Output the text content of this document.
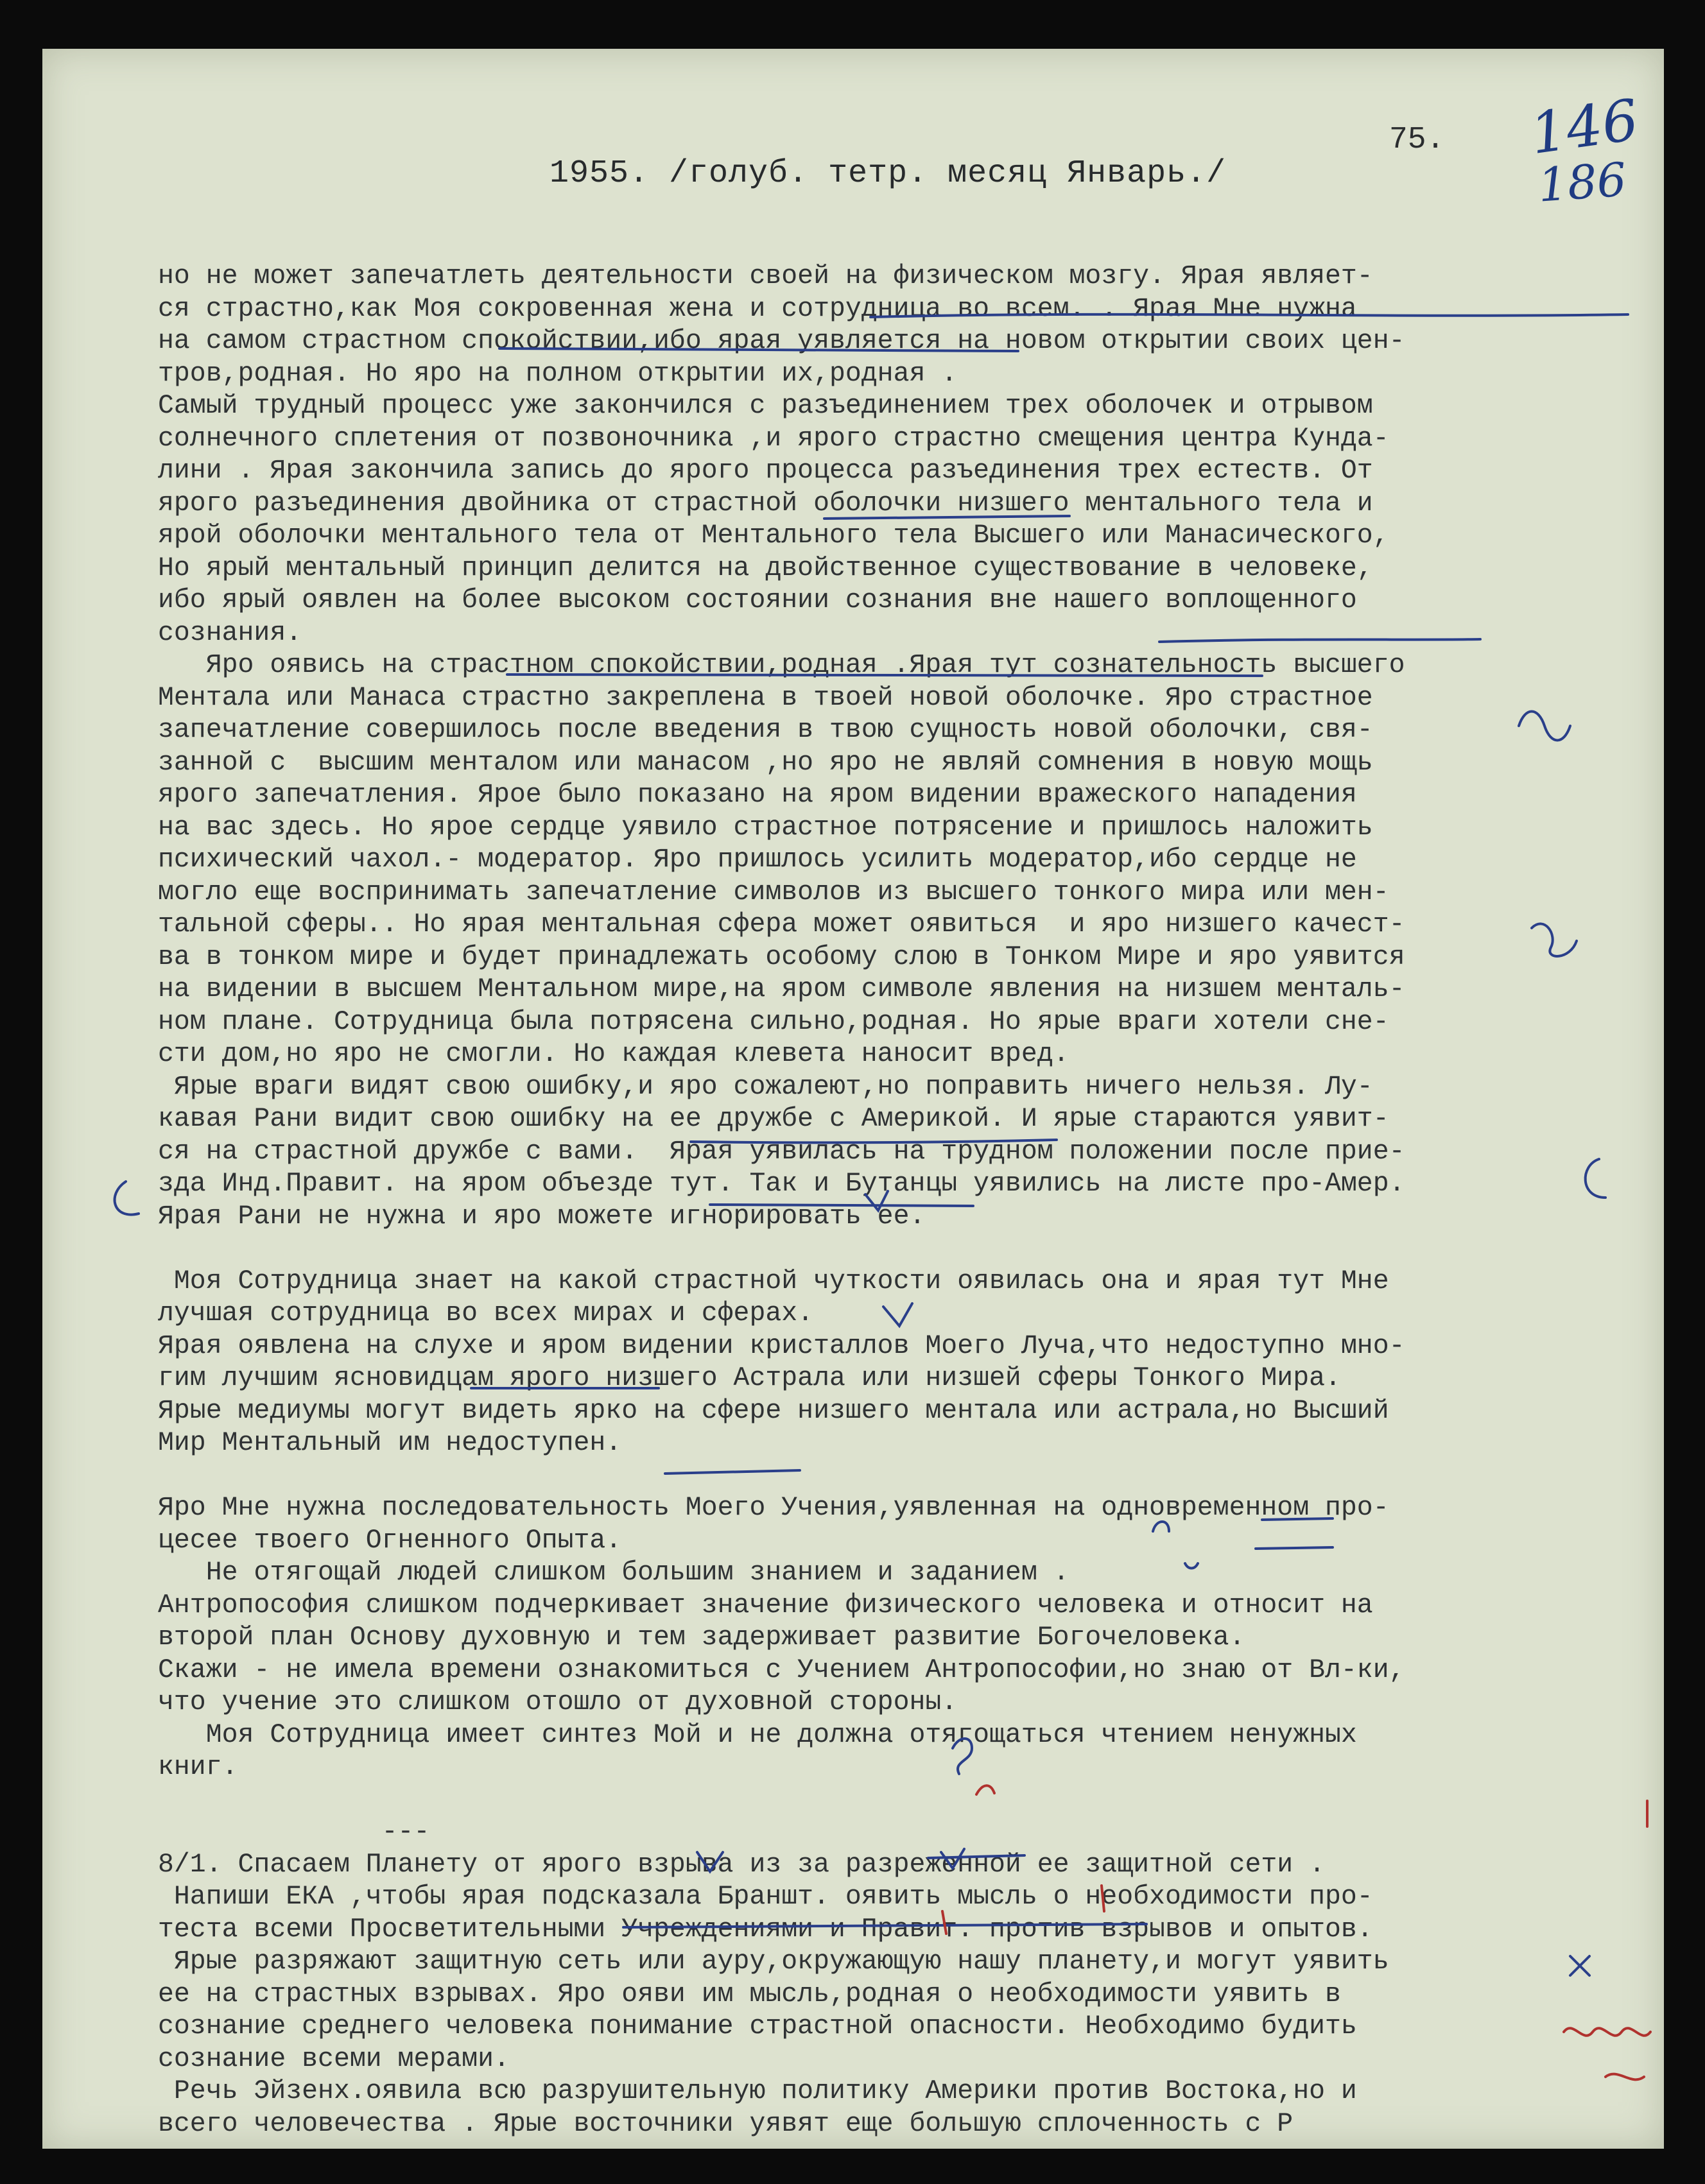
1955. /голуб. тетр. месяц Январь./
75. 146
186
но не может запечатлеть деятельности своей на физическом мозгу. Ярая являет-
ся страстно,как Моя сокровенная жена и сотрудница во всем. . Ярая Мне нужна
на самом страстном спокойствии,ибо ярая уявляется на новом открытии своих цен-
тров,родная. Но яро на полном открытии их,родная .
Самый трудный процесс уже закончился с разъединением трех оболочек и отрывом
солнечного сплетения от позвоночника ,и ярого страстно смещения центра Кунда-
лини . Ярая закончила запись до ярого процесса разъединения трех естеств. От
ярого разъединения двойника от страстной оболочки низшего ментального тела и
ярой оболочки ментального тела от Ментального тела Высшего или Манасического,
Но ярый ментальный принцип делится на двойственное существование в человеке,
ибо ярый оявлен на более высоком состоянии сознания вне нашего воплощенного
сознания.
Яро оявись на страстном спокойствии,родная .Ярая тут сознательность высшего
Ментала или Манаса страстно закреплена в твоей новой оболочке. Яро страстное
запечатление совершилось после введения в твою сущность новой оболочки, свя-
занной с  высшим менталом или манасом ,но яро не являй сомнения в новую мощь
ярого запечатления. Ярое было показано на яром видении вражеского нападения
на вас здесь. Но ярое сердце уявило страстное потрясение и пришлось наложить
психический чахол.- модератор. Яро пришлось усилить модератор,ибо сердце не
могло еще воспринимать запечатление символов из высшего тонкого мира или мен-
тальной сферы.. Но ярая ментальная сфера может оявиться  и яро низшего качест-
ва в тонком мире и будет принадлежать особому слою в Тонком Мире и яро уявится
на видении в высшем Ментальном мире,на яром символе явления на низшем менталь-
ном плане. Сотрудница была потрясена сильно,родная. Но ярые враги хотели сне-
сти дом,но яро не смогли. Но каждая клевета наносит вред.
Ярые враги видят свою ошибку,и яро сожалеют,но поправить ничего нельзя. Лу-
кавая Рани видит свою ошибку на ее дружбе с Америкой. И ярые стараются уявит-
ся на страстной дружбе с вами.  Ярая уявилась на трудном положении после прие-
зда Инд.Правит. на яром объезде тут. Так и Бутанцы уявились на листе про-Амер.
Ярая Рани не нужна и яро можете игнорировать ее.
Моя Сотрудница знает на какой страстной чуткости оявилась она и ярая тут Мне
лучшая сотрудница во всех мирах и сферах.
Ярая оявлена на слухе и яром видении кристаллов Моего Луча,что недоступно мно-
гим лучшим ясновидцам ярого низшего Астрала или низшей сферы Тонкого Мира.
Ярые медиумы могут видеть ярко на сфере низшего ментала или астрала,но Высший
Мир Ментальный им недоступен.
Яро Мне нужна последовательность Моего Учения,уявленная на одновременном про-
цесее твоего Огненного Опыта.
Не отягощай людей слишком большим знанием и заданием .
Антропософия слишком подчеркивает значение физического человека и относит на
второй план Основу духовную и тем задерживает развитие Богочеловека.
Скажи - не имела времени ознакомиться с Учением Антропософии,но знаю от Вл-ки,
что учение это слишком отошло от духовной стороны.
Моя Сотрудница имеет синтез Мой и не должна отягощаться чтением ненужных
книг.
---
8/1. Спасаем Планету от ярого взрыва из за разреженной ее защитной сети .
Напиши ЕКА ,чтобы ярая подсказала Браншт. оявить мысль о необходимости про-
теста всеми Просветительными Учреждениями и Правит. против взрывов и опытов.
Ярые разряжают защитную сеть или ауру,окружающую нашу планету,и могут уявить
ее на страстных взрывах. Яро ояви им мысль,родная о необходимости уявить в
сознание среднего человека понимание страстной опасности. Необходимо будить
сознание всеми мерами.
Речь Эйзенх.оявила всю разрушительную политику Америки против Востока,но и
всего человечества . Ярые восточники уявят еще большую сплоченность с Р
